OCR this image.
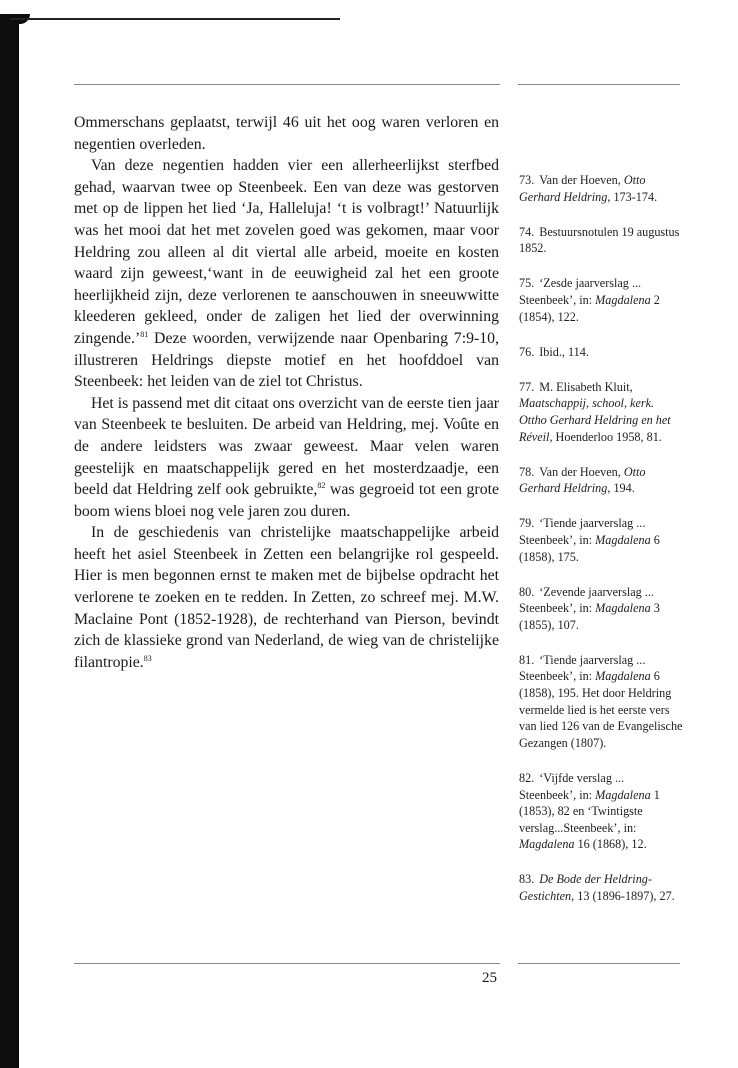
Ommerschans geplaatst, terwijl 46 uit het oog waren verloren en negentien overleden.

Van deze negentien hadden vier een allerheerlijkst sterfbed gehad, waarvan twee op Steenbeek. Een van deze was gestorven met op de lippen het lied ‘Ja, Halleluja! ‘t is volbragt!’ Natuurlijk was het mooi dat het met zovelen goed was gekomen, maar voor Heldring zou alleen al dit viertal alle arbeid, moeite en kosten waard zijn geweest,‘want in de eeuwigheid zal het een groote heerlijkheid zijn, deze verlorenen te aanschouwen in sneeuwwitte kleederen gekleed, onder de zaligen het lied der overwinning zingende.’$^{81}$ Deze woorden, verwijzende naar Openbaring 7:9-10, illustreren Heldrings diepste motief en het hoofddoel van Steenbeek: het leiden van de ziel tot Christus.

Het is passend met dit citaat ons overzicht van de eerste tien jaar van Steenbeek te besluiten. De arbeid van Heldring, mej. Voûte en de andere leidsters was zwaar geweest. Maar velen waren geestelijk en maatschappelijk gered en het mosterdzaadje, een beeld dat Heldring zelf ook gebruikte,$^{82}$ was gegroeid tot een grote boom wiens bloei nog vele jaren zou duren.

In de geschiedenis van christelijke maatschappelijke arbeid heeft het asiel Steenbeek in Zetten een belangrijke rol gespeeld. Hier is men begonnen ernst te maken met de bijbelse opdracht het verlorene te zoeken en te redden. In Zetten, zo schreef mej. M.W. Maclaine Pont (1852-1928), de rechterhand van Pierson, bevindt zich de klassieke grond van Nederland, de wieg van de christelijke filantropie.$^{83}$

73. Van der Hoeven, Otto Gerhard Heldring, 173-174.
74. Bestuursnotulen 19 augustus 1852.
75. ‘Zesde jaarverslag ... Steenbeek’, in: Magdalena 2 (1854), 122.
76. Ibid., 114.
77. M. Elisabeth Kluit, Maatschappij, school, kerk. Ottho Gerhard Heldring en het Réveil, Hoenderloo 1958, 81.
78. Van der Hoeven, Otto Gerhard Heldring, 194.
79. ‘Tiende jaarverslag ... Steenbeek’, in: Magdalena 6 (1858), 175.
80. ‘Zevende jaarverslag ... Steenbeek’, in: Magdalena 3 (1855), 107.
81. ‘Tiende jaarverslag ... Steenbeek’, in: Magdalena 6 (1858), 195. Het door Heldring vermelde lied is het eerste vers van lied 126 van de Evangelische Gezangen (1807).
82. ‘Vijfde verslag ... Steenbeek’, in: Magdalena 1 (1853), 82 en ‘Twintigste verslag...Steenbeek’, in: Magdalena 16 (1868), 12.
83. De Bode der Heldring-Gestichten, 13 (1896-1897), 27.
25
